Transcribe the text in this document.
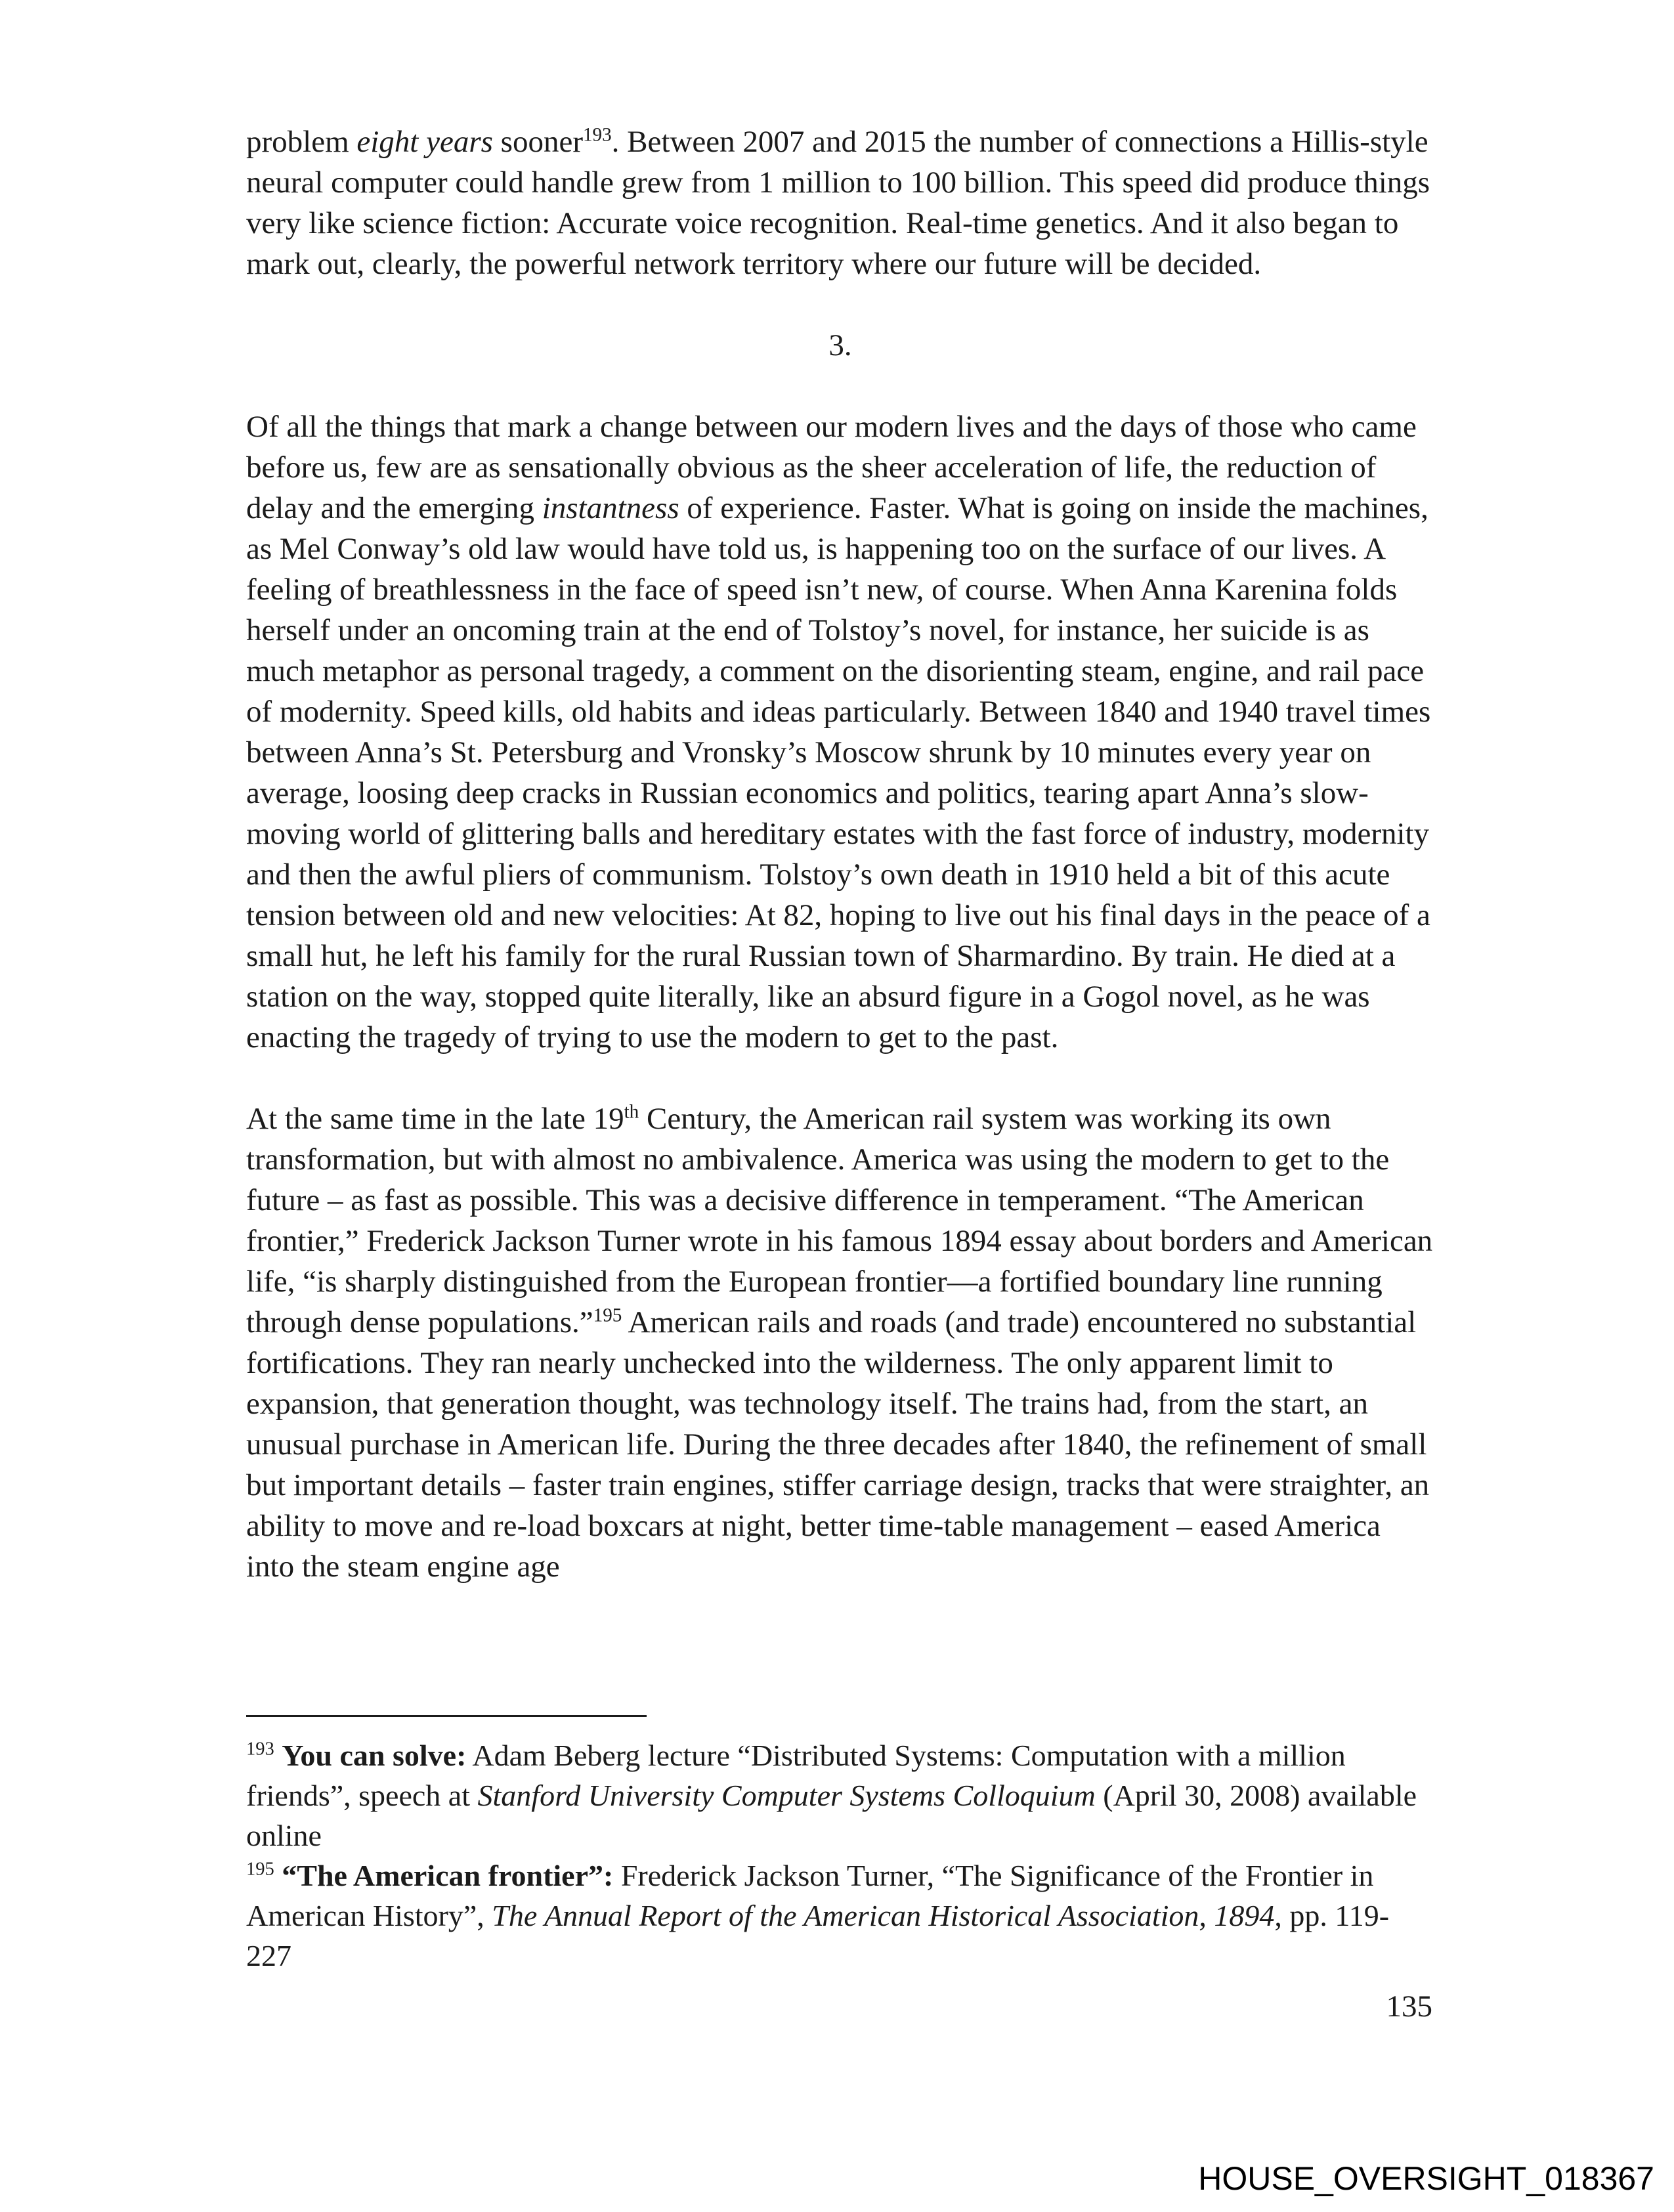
problem eight years sooner$^{193}$. Between 2007 and 2015 the number of connections a Hillis-style neural computer could handle grew from 1 million to 100 billion. This speed did produce things very like science fiction: Accurate voice recognition. Real-time genetics. And it also began to mark out, clearly, the powerful network territory where our future will be decided.

3.

Of all the things that mark a change between our modern lives and the days of those who came before us, few are as sensationally obvious as the sheer acceleration of life, the reduction of delay and the emerging instantness of experience. Faster. What is going on inside the machines, as Mel Conway’s old law would have told us, is happening too on the surface of our lives. A feeling of breathlessness in the face of speed isn’t new, of course. When Anna Karenina folds herself under an oncoming train at the end of Tolstoy’s novel, for instance, her suicide is as much metaphor as personal tragedy, a comment on the disorienting steam, engine, and rail pace of modernity. Speed kills, old habits and ideas particularly. Between 1840 and 1940 travel times between Anna’s St. Petersburg and Vronsky’s Moscow shrunk by 10 minutes every year on average, loosing deep cracks in Russian economics and politics, tearing apart Anna’s slow-moving world of glittering balls and hereditary estates with the fast force of industry, modernity and then the awful pliers of communism. Tolstoy’s own death in 1910 held a bit of this acute tension between old and new velocities: At 82, hoping to live out his final days in the peace of a small hut, he left his family for the rural Russian town of Sharmardino. By train. He died at a station on the way, stopped quite literally, like an absurd figure in a Gogol novel, as he was enacting the tragedy of trying to use the modern to get to the past.

At the same time in the late 19th Century, the American rail system was working its own transformation, but with almost no ambivalence. America was using the modern to get to the future – as fast as possible. This was a decisive difference in temperament. “The American frontier,” Frederick Jackson Turner wrote in his famous 1894 essay about borders and American life, “is sharply distinguished from the European frontier—a fortified boundary line running through dense populations.”$^{195}$ American rails and roads (and trade) encountered no substantial fortifications. They ran nearly unchecked into the wilderness. The only apparent limit to expansion, that generation thought, was technology itself. The trains had, from the start, an unusual purchase in American life. During the three decades after 1840, the refinement of small but important details – faster train engines, stiffer carriage design, tracks that were straighter, an ability to move and re-load boxcars at night, better time-table management – eased America into the steam engine age

$^{193}$ You can solve: Adam Beberg lecture “Distributed Systems: Computation with a million friends”, speech at Stanford University Computer Systems Colloquium (April 30, 2008) available online

$^{195}$ “The American frontier”: Frederick Jackson Turner, “The Significance of the Frontier in American History”, The Annual Report of the American Historical Association, 1894, pp. 119-227

135
HOUSE_OVERSIGHT_018367
